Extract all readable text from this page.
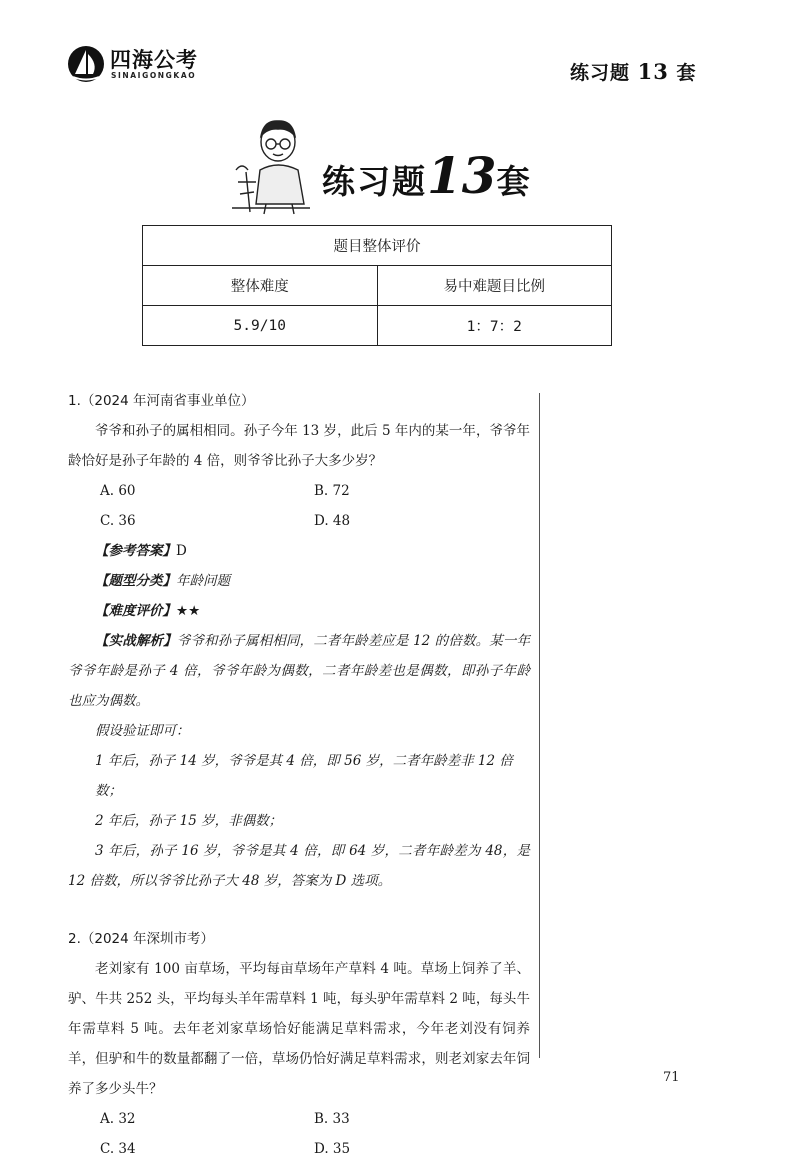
四海公考
SINAIGONGKAO	练习题 13 套
练习题13套
题目整体评价	
整体难度	易中难题目比例
5.9/10	1：7：2
1.（2024 年河南省事业单位）

爷爷和孙子的属相相同。孙子今年 13 岁，此后 5 年内的某一年，爷爷年龄恰好是孙子年龄的 4 倍，则爷爷比孙子大多少岁？

A. 60	B. 72
C. 36	D. 48

【参考答案】D

【题型分类】年龄问题

【难度评价】★★

【实战解析】爷爷和孙子属相相同，二者年龄差应是 12 的倍数。某一年爷爷年龄是孙子 4 倍，爷爷年龄为偶数，二者年龄差也是偶数，即孙子年龄也应为偶数。

假设验证即可：

1 年后，孙子 14 岁，爷爷是其 4 倍，即 56 岁，二者年龄差非 12 倍数；

2 年后，孙子 15 岁，非偶数；

3 年后，孙子 16 岁，爷爷是其 4 倍，即 64 岁，二者年龄差为 48，是 12 倍数，所以爷爷比孙子大 48 岁，答案为 D 选项。

2.（2024 年深圳市考）

老刘家有 100 亩草场，平均每亩草场年产草料 4 吨。草场上饲养了羊、驴、牛共 252 头，平均每头羊年需草料 1 吨，每头驴年需草料 2 吨，每头牛年需草料 5 吨。去年老刘家草场恰好能满足草料需求，今年老刘没有饲养羊，但驴和牛的数量都翻了一倍，草场仍恰好满足草料需求，则老刘家去年饲养了多少头牛？

A. 32	B. 33
C. 34	D. 35
71
